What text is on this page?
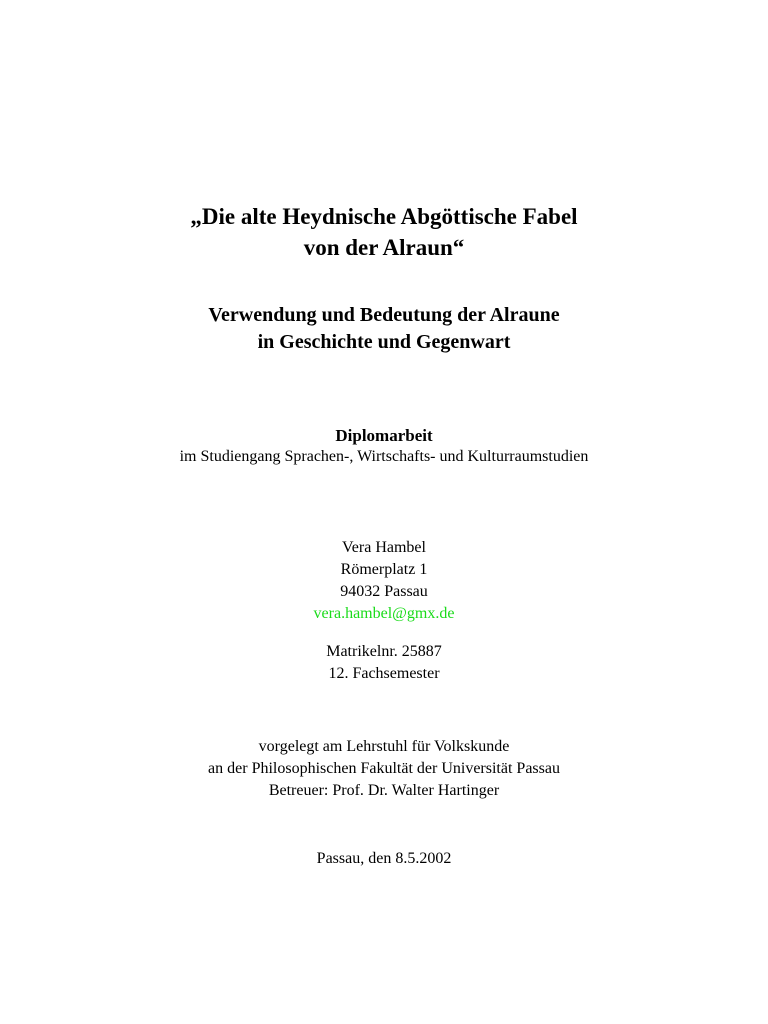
„Die alte Heydnische Abgöttische Fabel
von der Alraun“
Verwendung und Bedeutung der Alraune
in Geschichte und Gegenwart
Diplomarbeit
im Studiengang Sprachen-, Wirtschafts- und Kulturraumstudien
Vera Hambel
Römerplatz 1
94032 Passau
vera.hambel@gmx.de
Matrikelnr. 25887
12. Fachsemester
vorgelegt am Lehrstuhl für Volkskunde
an der Philosophischen Fakultät der Universität Passau
Betreuer: Prof. Dr. Walter Hartinger
Passau, den 8.5.2002
